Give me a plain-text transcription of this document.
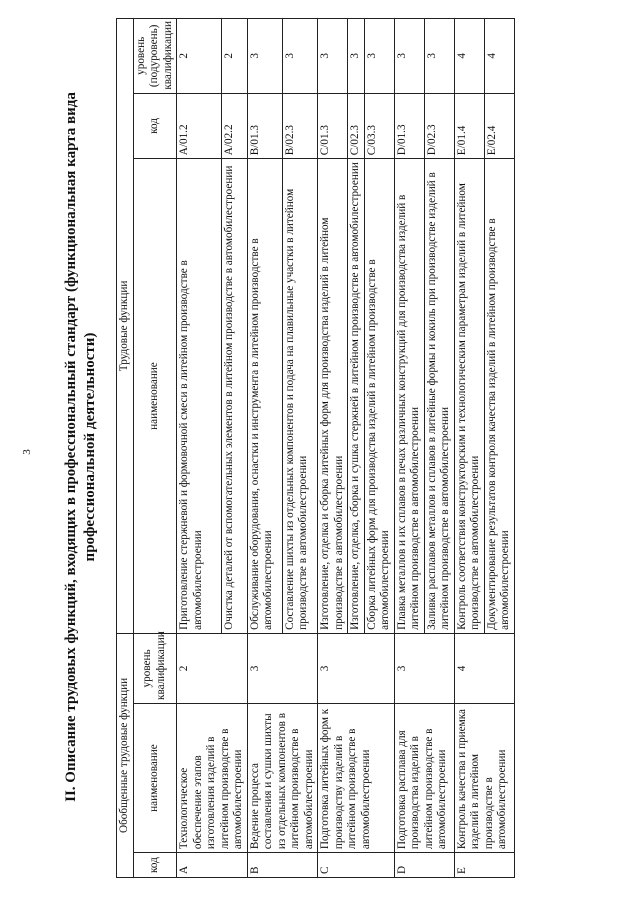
3 II. Описание трудовых функций, входящих в профессиональный стандарт (функциональная карта вида профессиональной деятельности)
Обобщенные трудовые функции			Трудовые функции		
код	наименование	уровень квалификации	наименование	код	уровень (подуровень) квалификации
A	Технологическое обеспечение этапов изготовления изделий в литейном производстве в автомобилестроении	2	Приготовление стержневой и формовочной смеси в литейном производстве в автомобилестроении	A/01.2	2
			Очистка деталей от вспомогательных элементов в литейном производстве в автомобилестроении	A/02.2	2
B	Ведение процесса составления и сушки шихты из отдельных компонентов в литейном производстве в автомобилестроении	3	Обслуживание оборудования, оснастки и инструмента в литейном производстве в автомобилестроении	B/01.3	3
			Составление шихты из отдельных компонентов и подача на плавильные участки в литейном производстве в автомобилестроении	B/02.3	3
C	Подготовка литейных форм к производству изделий в литейном производстве в автомобилестроении	3	Изготовление, отделка и сборка литейных форм для производства изделий в литейном производстве в автомобилестроении	C/01.3	3
			Изготовление, отделка, сборка и сушка стержней в литейном производстве в автомобилестроении	C/02.3	3
			Сборка литейных форм для производства изделий в литейном производстве в автомобилестроении	C/03.3	3
D	Подготовка расплава для производства изделий в литейном производстве в автомобилестроении	3	Плавка металлов и их сплавов в печах различных конструкций для производства изделий в литейном производстве в автомобилестроении	D/01.3	3
			Заливка расплавов металлов и сплавов в литейные формы и кокиль при производстве изделий в литейном производстве в автомобилестроении	D/02.3	3
E	Контроль качества и приемка изделий в литейном производстве в автомобилестроении	4	Контроль соответствия конструкторским и технологическим параметрам изделий в литейном производстве в автомобилестроении	E/01.4	4
			Документирование результатов контроля качества изделий в литейном производстве в автомобилестроении	E/02.4	4
